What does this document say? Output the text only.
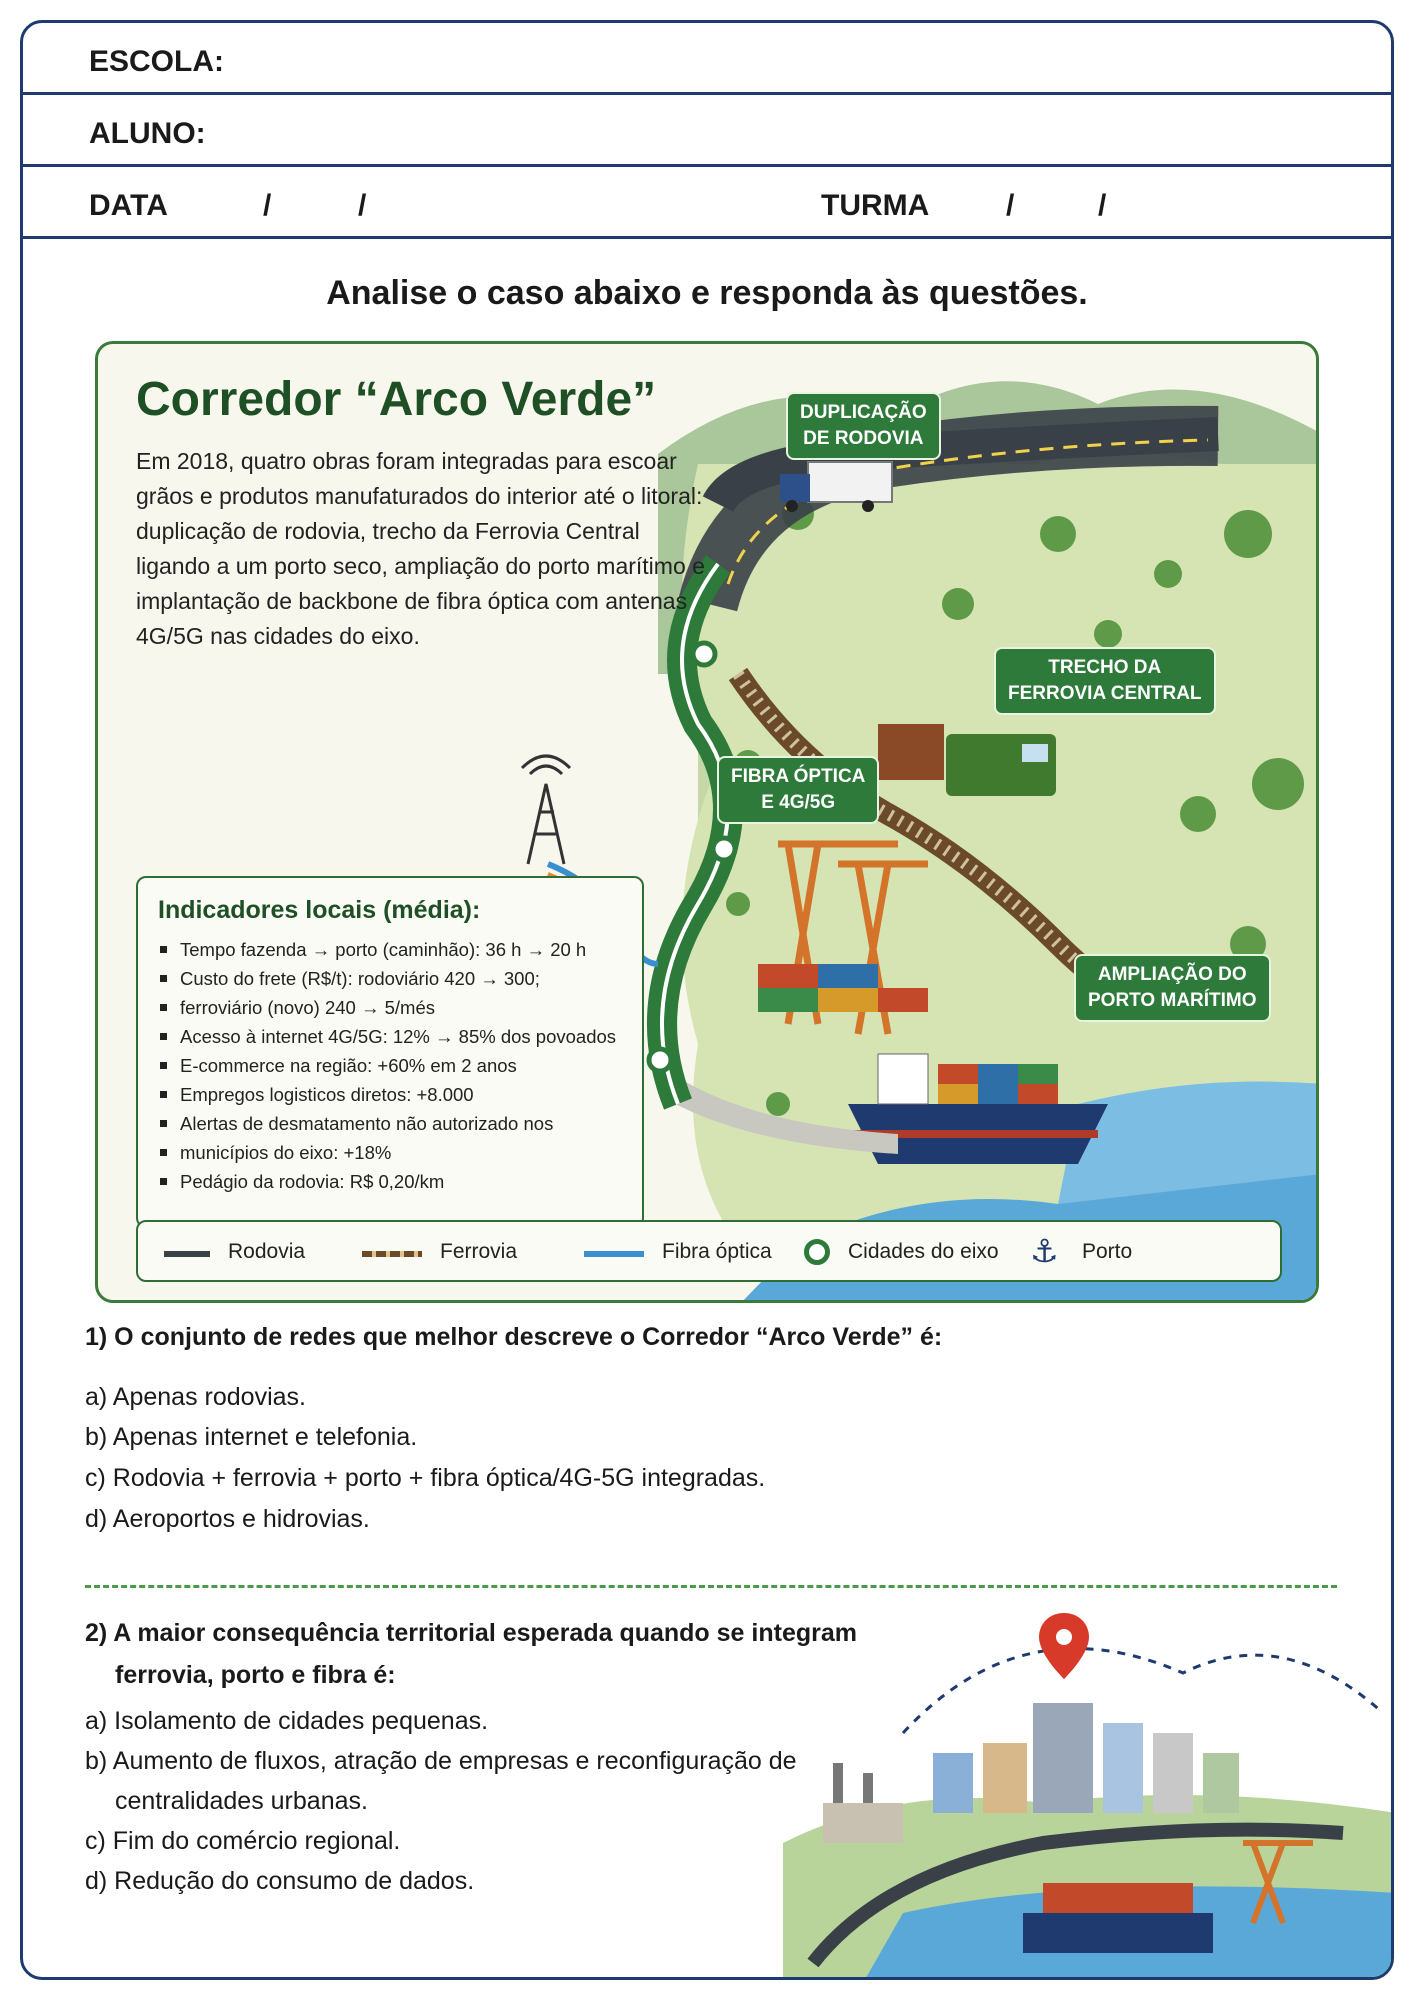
ESCOLA:
ALUNO:
DATA	/	/	TURMA	/	/
Analise o caso abaixo e responda às questões.
Corredor “Arco Verde”
Em 2018, quatro obras foram integradas para escoar grãos e produtos manufaturados do interior até o litoral: duplicação de rodovia, trecho da Ferrovia Central ligando a um porto seco, ampliação do porto marítimo e implantação de backbone de fibra óptica com antenas 4G/5G nas cidades do eixo.
DUPLICAÇÃO
DE RODOVIA
TRECHO DA
FERROVIA CENTRAL
FIBRA ÓPTICA
E 4G/5G
AMPLIAÇÃO DO
PORTO MARÍTIMO
Indicadores locais (média):
Tempo fazenda → porto (caminhão): 36 h → 20 h
Custo do frete (R$/t): rodoviário 420 → 300;
ferroviário (novo) 240 → 5/més
Acesso à internet 4G/5G: 12% → 85% dos povoados
E-commerce na região: +60% em 2 anos
Empregos logisticos diretos: +8.000
Alertas de desmatamento não autorizado nos
municípios do eixo: +18%
Pedágio da rodovia: R$ 0,20/km
Rodovia	Ferrovia	Fibra óptica	Cidades do eixo ⚓ Porto
1) O conjunto de redes que melhor descreve o Corredor “Arco Verde” é:
a) Apenas rodovias.
b) Apenas internet e telefonia.
c) Rodovia + ferrovia + porto + fibra óptica/4G-5G integradas.
d) Aeroportos e hidrovias.
2) A maior consequência territorial esperada quando se integram
ferrovia, porto e fibra é:
a) Isolamento de cidades pequenas.
b) Aumento de fluxos, atração de empresas e reconfiguração de
centralidades urbanas.
c) Fim do comércio regional.
d) Redução do consumo de dados.
